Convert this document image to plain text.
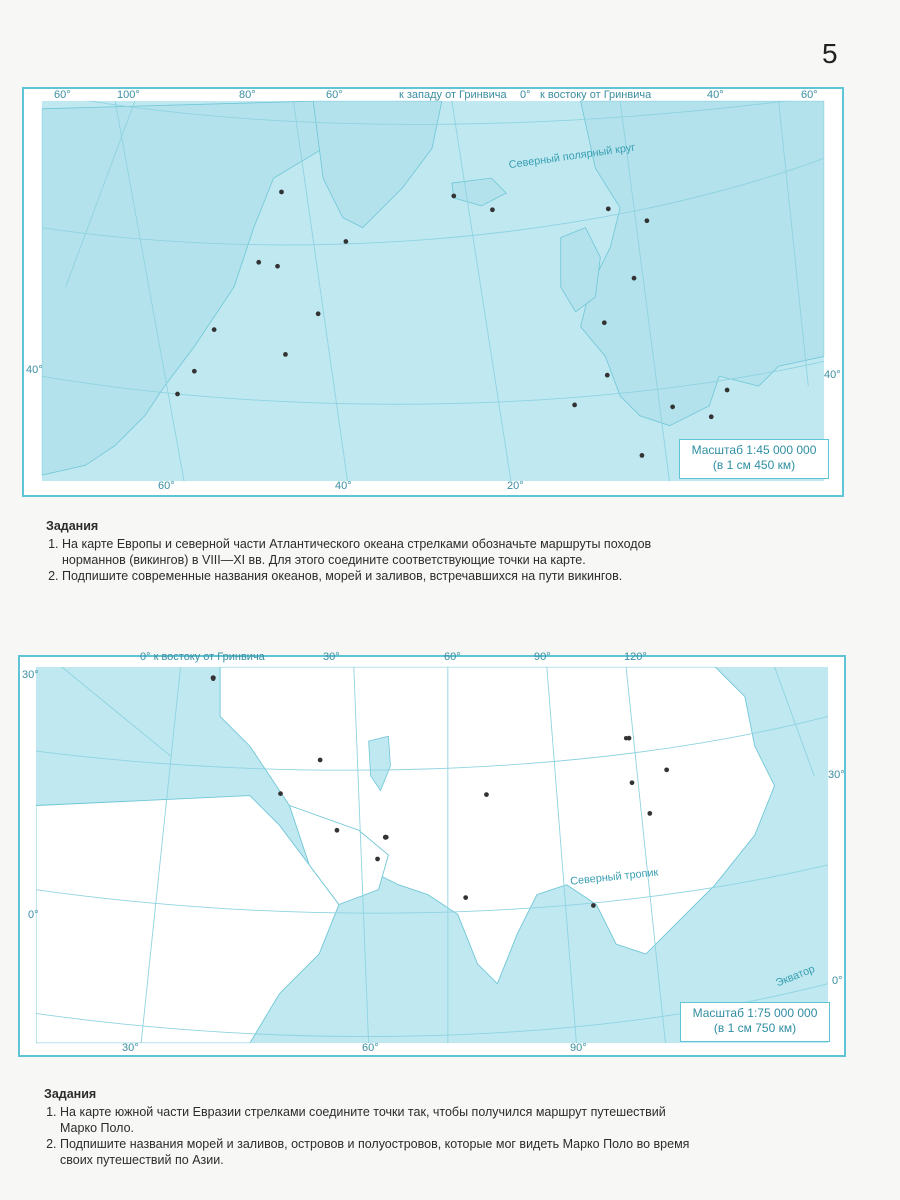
5
Северный полярный круг
60°	100°	80°	60°	к западу от Гринвича 0° к востоку от Гринвича	40°	60°
40°	40°
60°	40°	20°
Масштаб 1:45 000 000
(в 1 см 450 км)
Задания
1. На карте Европы и северной части Атлантического океана стрелками обозначьте маршруты походов норманнов (викингов) в VIII—XI вв. Для этого соедините соответствующие точки на карте.
2. Подпишите современные названия океанов, морей и заливов, встречавшихся на пути викингов.
Северный тропик
Экватор
0° к востоку от Гринвича	30°	60°	90°	120°
30°
0°
30°
0°
30°	60°	90°
Масштаб 1:75 000 000
(в 1 см 750 км)
Задания
1. На карте южной части Евразии стрелками соедините точки так, чтобы получился маршрут путешествий Марко Поло.
2. Подпишите названия морей и заливов, островов и полуостровов, которые мог видеть Марко Поло во время своих путешествий по Азии.
